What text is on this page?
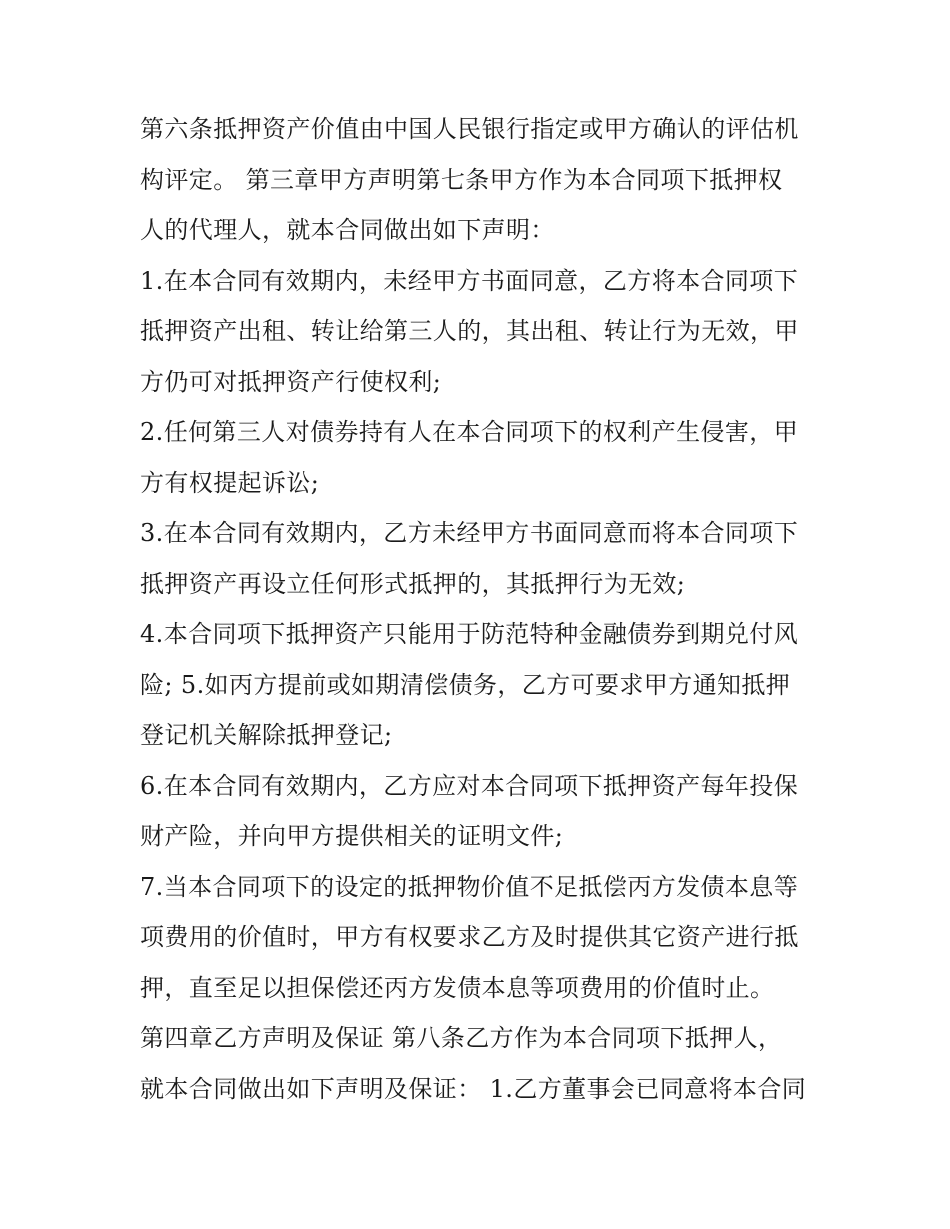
第六条抵押资产价值由中国人民银行指定或甲方确认的评估机
构评定。 第三章甲方声明第七条甲方作为本合同项下抵押权
人的代理人，就本合同做出如下声明：
1.在本合同有效期内，未经甲方书面同意，乙方将本合同项下
抵押资产出租、转让给第三人的，其出租、转让行为无效，甲
方仍可对抵押资产行使权利;
2.任何第三人对债券持有人在本合同项下的权利产生侵害，甲
方有权提起诉讼;
3.在本合同有效期内，乙方未经甲方书面同意而将本合同项下
抵押资产再设立任何形式抵押的，其抵押行为无效;
4.本合同项下抵押资产只能用于防范特种金融债券到期兑付风
险; 5.如丙方提前或如期清偿债务，乙方可要求甲方通知抵押
登记机关解除抵押登记;
6.在本合同有效期内，乙方应对本合同项下抵押资产每年投保
财产险，并向甲方提供相关的证明文件;
7.当本合同项下的设定的抵押物价值不足抵偿丙方发债本息等
项费用的价值时，甲方有权要求乙方及时提供其它资产进行抵
押，直至足以担保偿还丙方发债本息等项费用的价值时止。
第四章乙方声明及保证 第八条乙方作为本合同项下抵押人，
就本合同做出如下声明及保证： 1.乙方董事会已同意将本合同
